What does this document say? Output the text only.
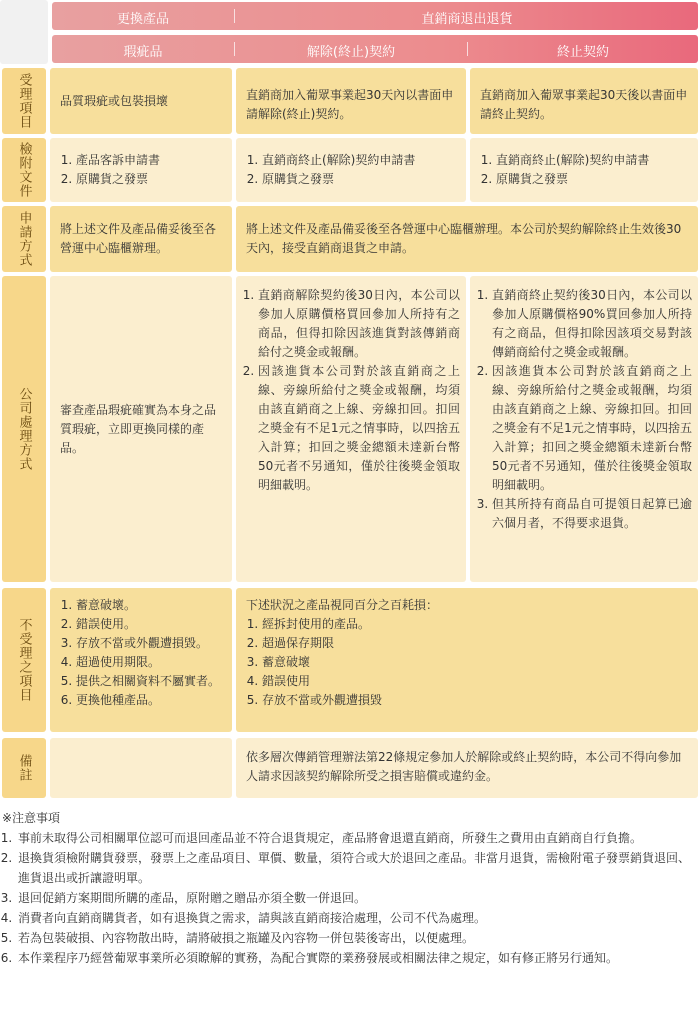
更換產品	直銷商退出退貨
瑕疵品	解除(終止)契約	終止契約
受理項目 品質瑕疵或包裝損壞	直銷商加入葡眾事業起30天內以書面申請解除(終止)契約。
直銷商加入葡眾事業起30天後以書面申請終止契約。
檢附文件
1.	產品客訴申請書
2. 原購貨之發票
1. 直銷商終止(解除)契約申請書
2. 原購貨之發票
1. 直銷商終止(解除)契約申請書
2. 原購貨之發票
申請方式	將上述文件及產品備妥後至各營運中心臨櫃辦理。
將上述文件及產品備妥後至各營運中心臨櫃辦理。本公司於契約解除終止生效後30天內，接受直銷商退貨之申請。
公司處理方式 審查產品瑕疵確實為本身之品質瑕疵，立即更換同樣的產品。
1. 直銷商解除契約後30日內，本公司以參加人原購價格買回參加人所持有之商品，但得扣除因該進貨對該傳銷商給付之獎金或報酬。
2. 因該進貨本公司對於該直銷商之上線、旁線所給付之獎金或報酬，均須由該直銷商之上線、旁線扣回。扣回之獎金有不足1元之情事時，以四捨五入計算；扣回之獎金總額未達新台幣50元者不另通知，僅於往後獎金領取明細載明。
1. 直銷商終止契約後30日內，本公司以參加人原購價格90%買回參加人所持有之商品，但得扣除因該項交易對該傳銷商給付之獎金或報酬。
2. 因該進貨本公司對於該直銷商之上線、旁線所給付之獎金或報酬，均須由該直銷商之上線、旁線扣回。扣回之獎金有不足1元之情事時，以四捨五入計算；扣回之獎金總額未達新台幣50元者不另通知，僅於往後獎金領取明細載明。
3. 但其所持有商品自可提領日起算已逾六個月者，不得要求退貨。
不受理之項目
1. 蓄意破壞。
2. 錯誤使用。
3. 存放不當或外觀遭損毀。
4. 超過使用期限。
5. 提供之相關資料不屬實者。
6. 更換他種產品。
下述狀況之產品視同百分之百耗損：
1. 經拆封使用的產品。
2. 超過保存期限
3. 蓄意破壞
4. 錯誤使用
5. 存放不當或外觀遭損毀
備註	依多層次傳銷管理辦法第22條規定參加人於解除或終止契約時，本公司不得向參加人請求因該契約解除所受之損害賠償或違約金。
※注意事項
1. 事前未取得公司相關單位認可而退回產品並不符合退貨規定，產品將會退還直銷商，所發生之費用由直銷商自行負擔。
2. 退換貨須檢附購貨發票，發票上之產品項目、單價、數量，須符合或大於退回之產品。非當月退貨，需檢附電子發票銷貨退回、進貨退出或折讓證明單。
3. 退回促銷方案期間所購的產品，原附贈之贈品亦須全數一併退回。
4. 消費者向直銷商購貨者，如有退換貨之需求，請與該直銷商接洽處理，公司不代為處理。
5. 若為包裝破損、內容物散出時，請將破損之瓶罐及內容物一併包裝後寄出，以便處理。
6. 本作業程序乃經營葡眾事業所必須瞭解的實務，為配合實際的業務發展或相關法律之規定，如有修正將另行通知。
